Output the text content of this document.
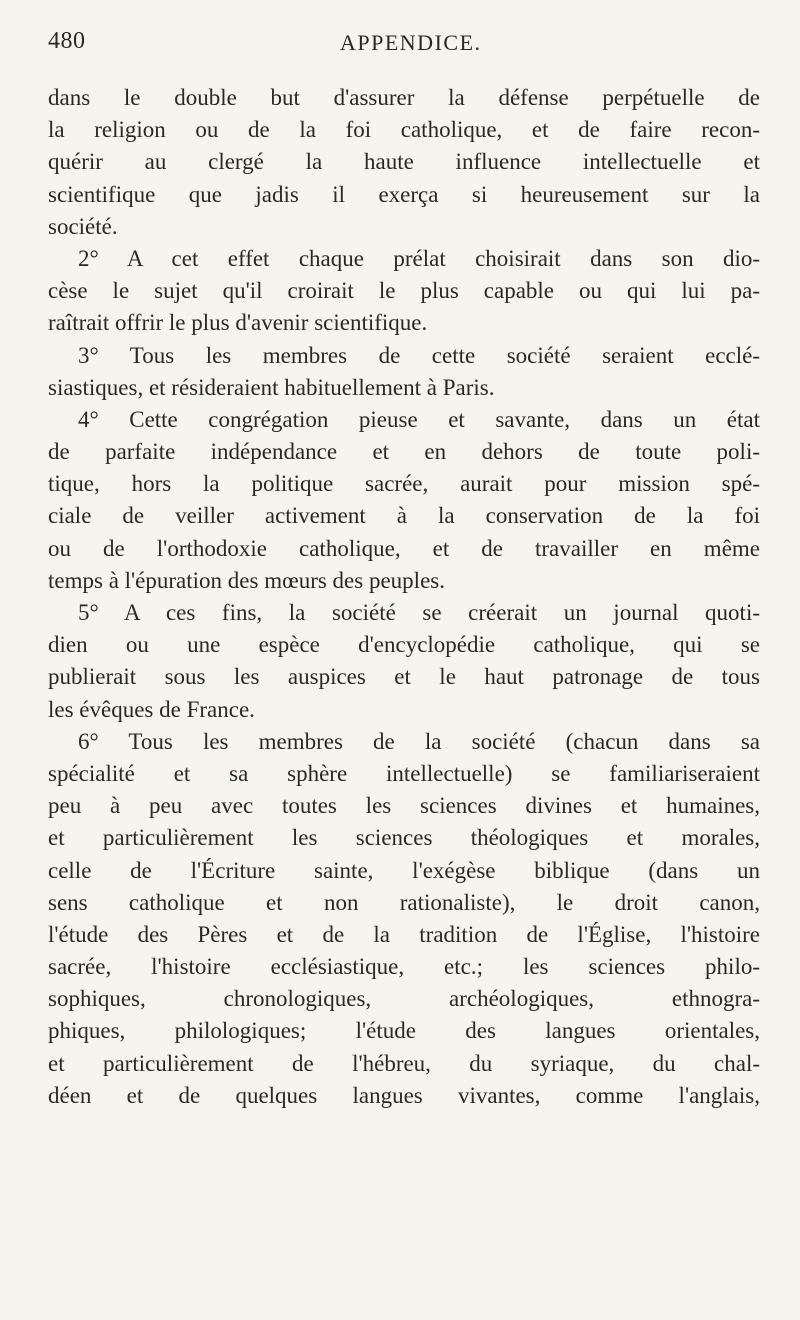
480	APPENDICE.
dans le double but d'assurer la défense perpétuelle de
la religion ou de la foi catholique, et de faire recon-
quérir au clergé la haute influence intellectuelle et
scientifique que jadis il exerça si heureusement sur la
société.
2° A cet effet chaque prélat choisirait dans son dio-
cèse le sujet qu'il croirait le plus capable ou qui lui pa-
raîtrait offrir le plus d'avenir scientifique.
3° Tous les membres de cette société seraient ecclé-
siastiques, et résideraient habituellement à Paris.
4° Cette congrégation pieuse et savante, dans un état
de parfaite indépendance et en dehors de toute poli-
tique, hors la politique sacrée, aurait pour mission spé-
ciale de veiller activement à la conservation de la foi
ou de l'orthodoxie catholique, et de travailler en même
temps à l'épuration des mœurs des peuples.
5° A ces fins, la société se créerait un journal quoti-
dien ou une espèce d'encyclopédie catholique, qui se
publierait sous les auspices et le haut patronage de tous
les évêques de France.
6° Tous les membres de la société (chacun dans sa
spécialité et sa sphère intellectuelle) se familiariseraient
peu à peu avec toutes les sciences divines et humaines,
et particulièrement les sciences théologiques et morales,
celle de l'Écriture sainte, l'exégèse biblique (dans un
sens catholique et non rationaliste), le droit canon,
l'étude des Pères et de la tradition de l'Église, l'histoire
sacrée, l'histoire ecclésiastique, etc.; les sciences philo-
sophiques, chronologiques, archéologiques, ethnogra-
phiques, philologiques; l'étude des langues orientales,
et particulièrement de l'hébreu, du syriaque, du chal-
déen et de quelques langues vivantes, comme l'anglais,
